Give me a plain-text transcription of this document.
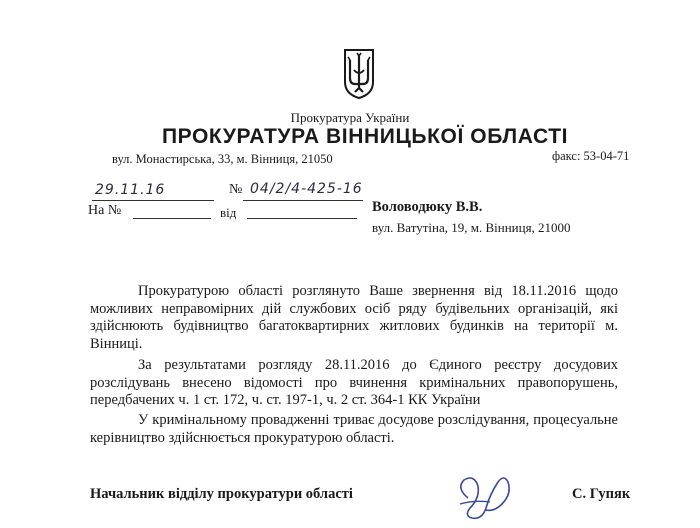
Прокуратура України
ПРОКУРАТУРА ВІННИЦЬКОЇ ОБЛАСТІ
вул. Монастирська, 33, м. Вінниця, 21050	факс: 53-04-71
29.11.16	№ 04/2/4-425-16
На №	від	Воловодюку В.В.
вул. Ватутіна, 19, м. Вінниця, 21000
Прокуратурою області розглянуто Ваше звернення від 18.11.2016 щодо можливих неправомірних дій службових осіб ряду будівельних організацій, які здійснюють будівництво багатоквартирних житлових будинків на території м. Вінниці.
За результатами розгляду 28.11.2016 до Єдиного реєстру досудових розслідувань внесено відомості про вчинення кримінальних правопорушень, передбачених ч. 1 ст. 172, ч. ст. 197-1, ч. 2 ст. 364-1 КК України
У кримінальному провадженні триває досудове розслідування, процесуальне керівництво здійснюється прокуратурою області.
Начальник відділу прокуратури області	С. Гупяк
